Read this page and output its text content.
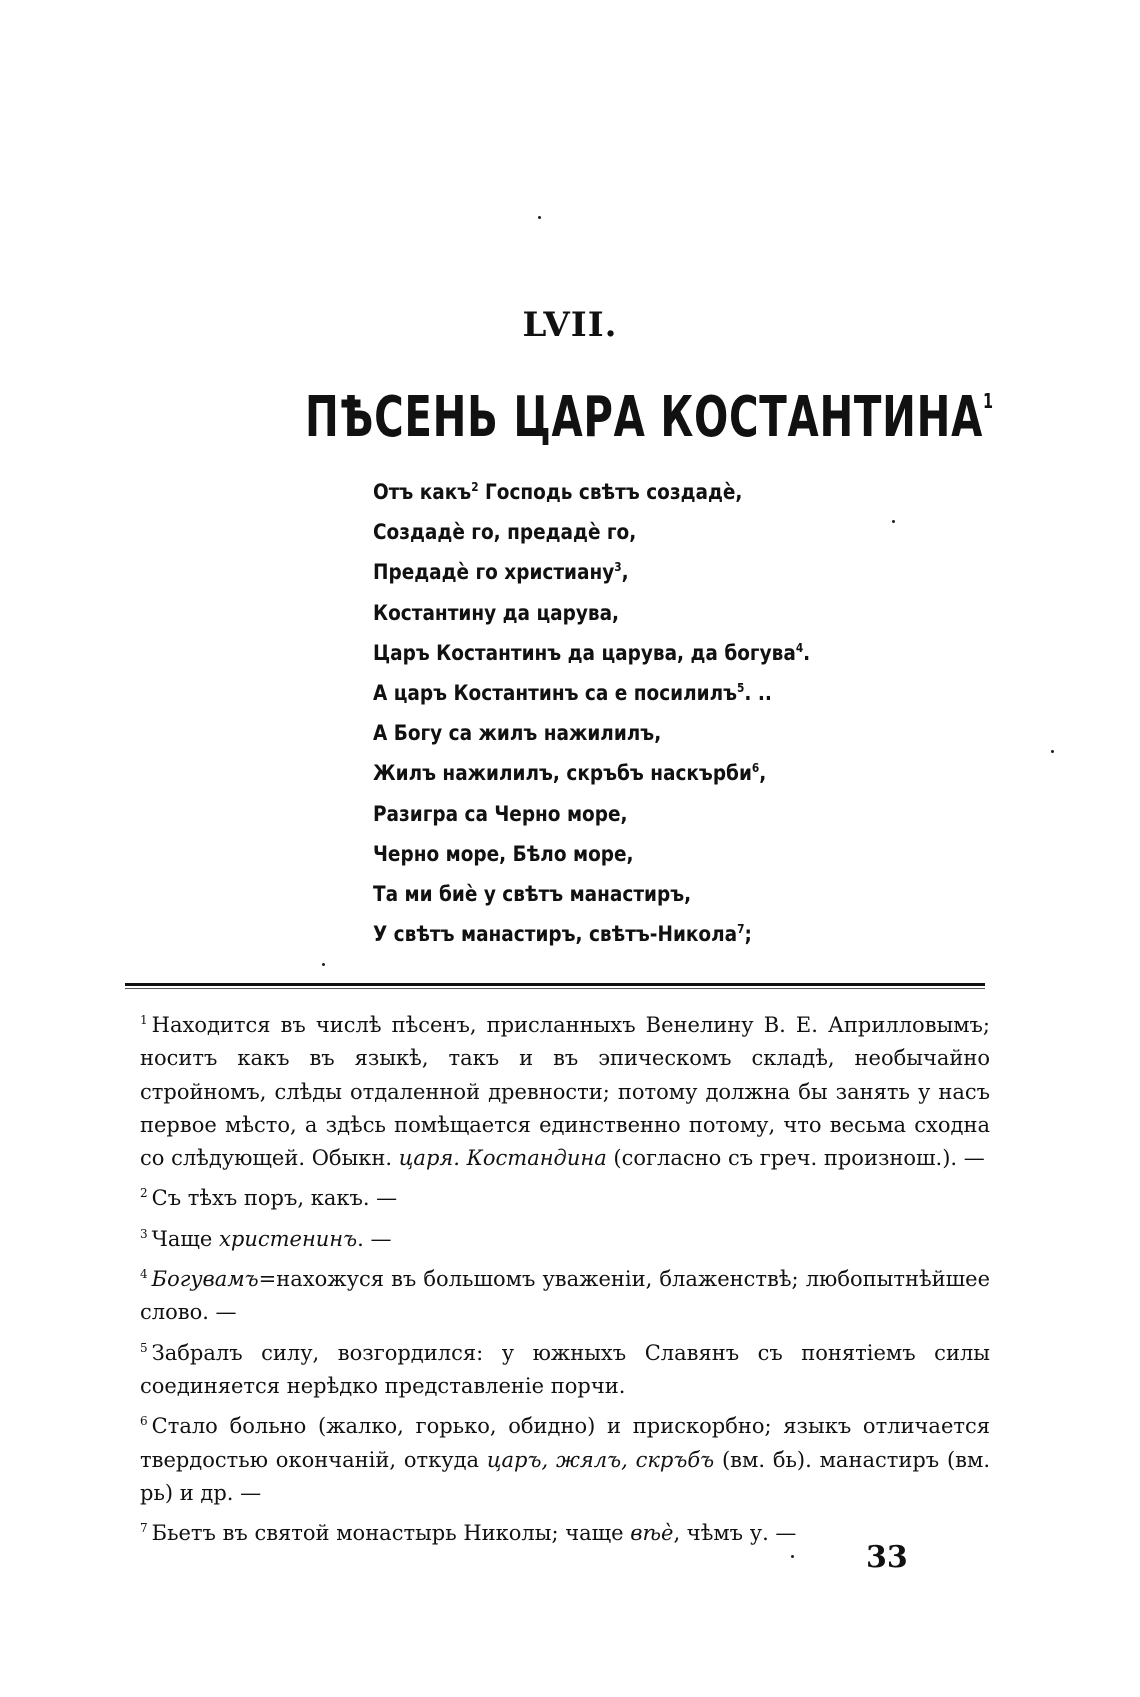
LVII.
ПѢСЕНЬ ЦАРА КОСТАНТИНА$^1$
Отъ какъ$^2$ Господь свѣтъ создадѐ,
Создадѐ го, предадѐ го,
Предадѐ го христиану$^3$,
Костантину да царува,
Царъ Костантинъ да царува, да богува$^4$.
А царъ Костантинъ са е посилилъ$^5$. ..
А Богу са жилъ нажилилъ,
Жилъ нажилилъ, скръбъ наскърби$^6$,
Разигра са Черно море,
Черно море, Бѣло море,
Та ми биѐ у свѣтъ манастиръ,
У свѣтъ манастиръ, свѣтъ-Никола$^7$;
$^1$ Находится въ числѣ пѣсенъ, присланныхъ Венелину В. Е. Априлловымъ; носитъ какъ въ языкѣ, такъ и въ эпическомъ складѣ, необычайно стройномъ, слѣды отдаленной древности; потому должна бы занять у насъ первое мѣсто, а здѣсь помѣщается единственно потому, что весьма сходна со слѣдующей. Обыкн. царя. Костандина (согласно съ греч. произнош.). —
$^2$ Съ тѣхъ поръ, какъ. —
$^3$ Чаще христенинъ. —
$^4$ Богувамъ=нахожуся въ большомъ уваженіи, блаженствѣ; любопытнѣйшее слово. —
$^5$ Забралъ силу, возгордился: у южныхъ Славянъ съ понятіемъ силы соединяется нерѣдко представленіе порчи.
$^6$ Стало больно (жалко, горько, обидно) и прискорбно; языкъ отличается твердостью окончаній, откуда царъ, жялъ, скръбъ (вм. бь). манастиръ (вм. рь) и др. —
$^7$ Бьетъ въ святой монастырь Николы; чаще вѣѐ, чѣмъ у. —
33
